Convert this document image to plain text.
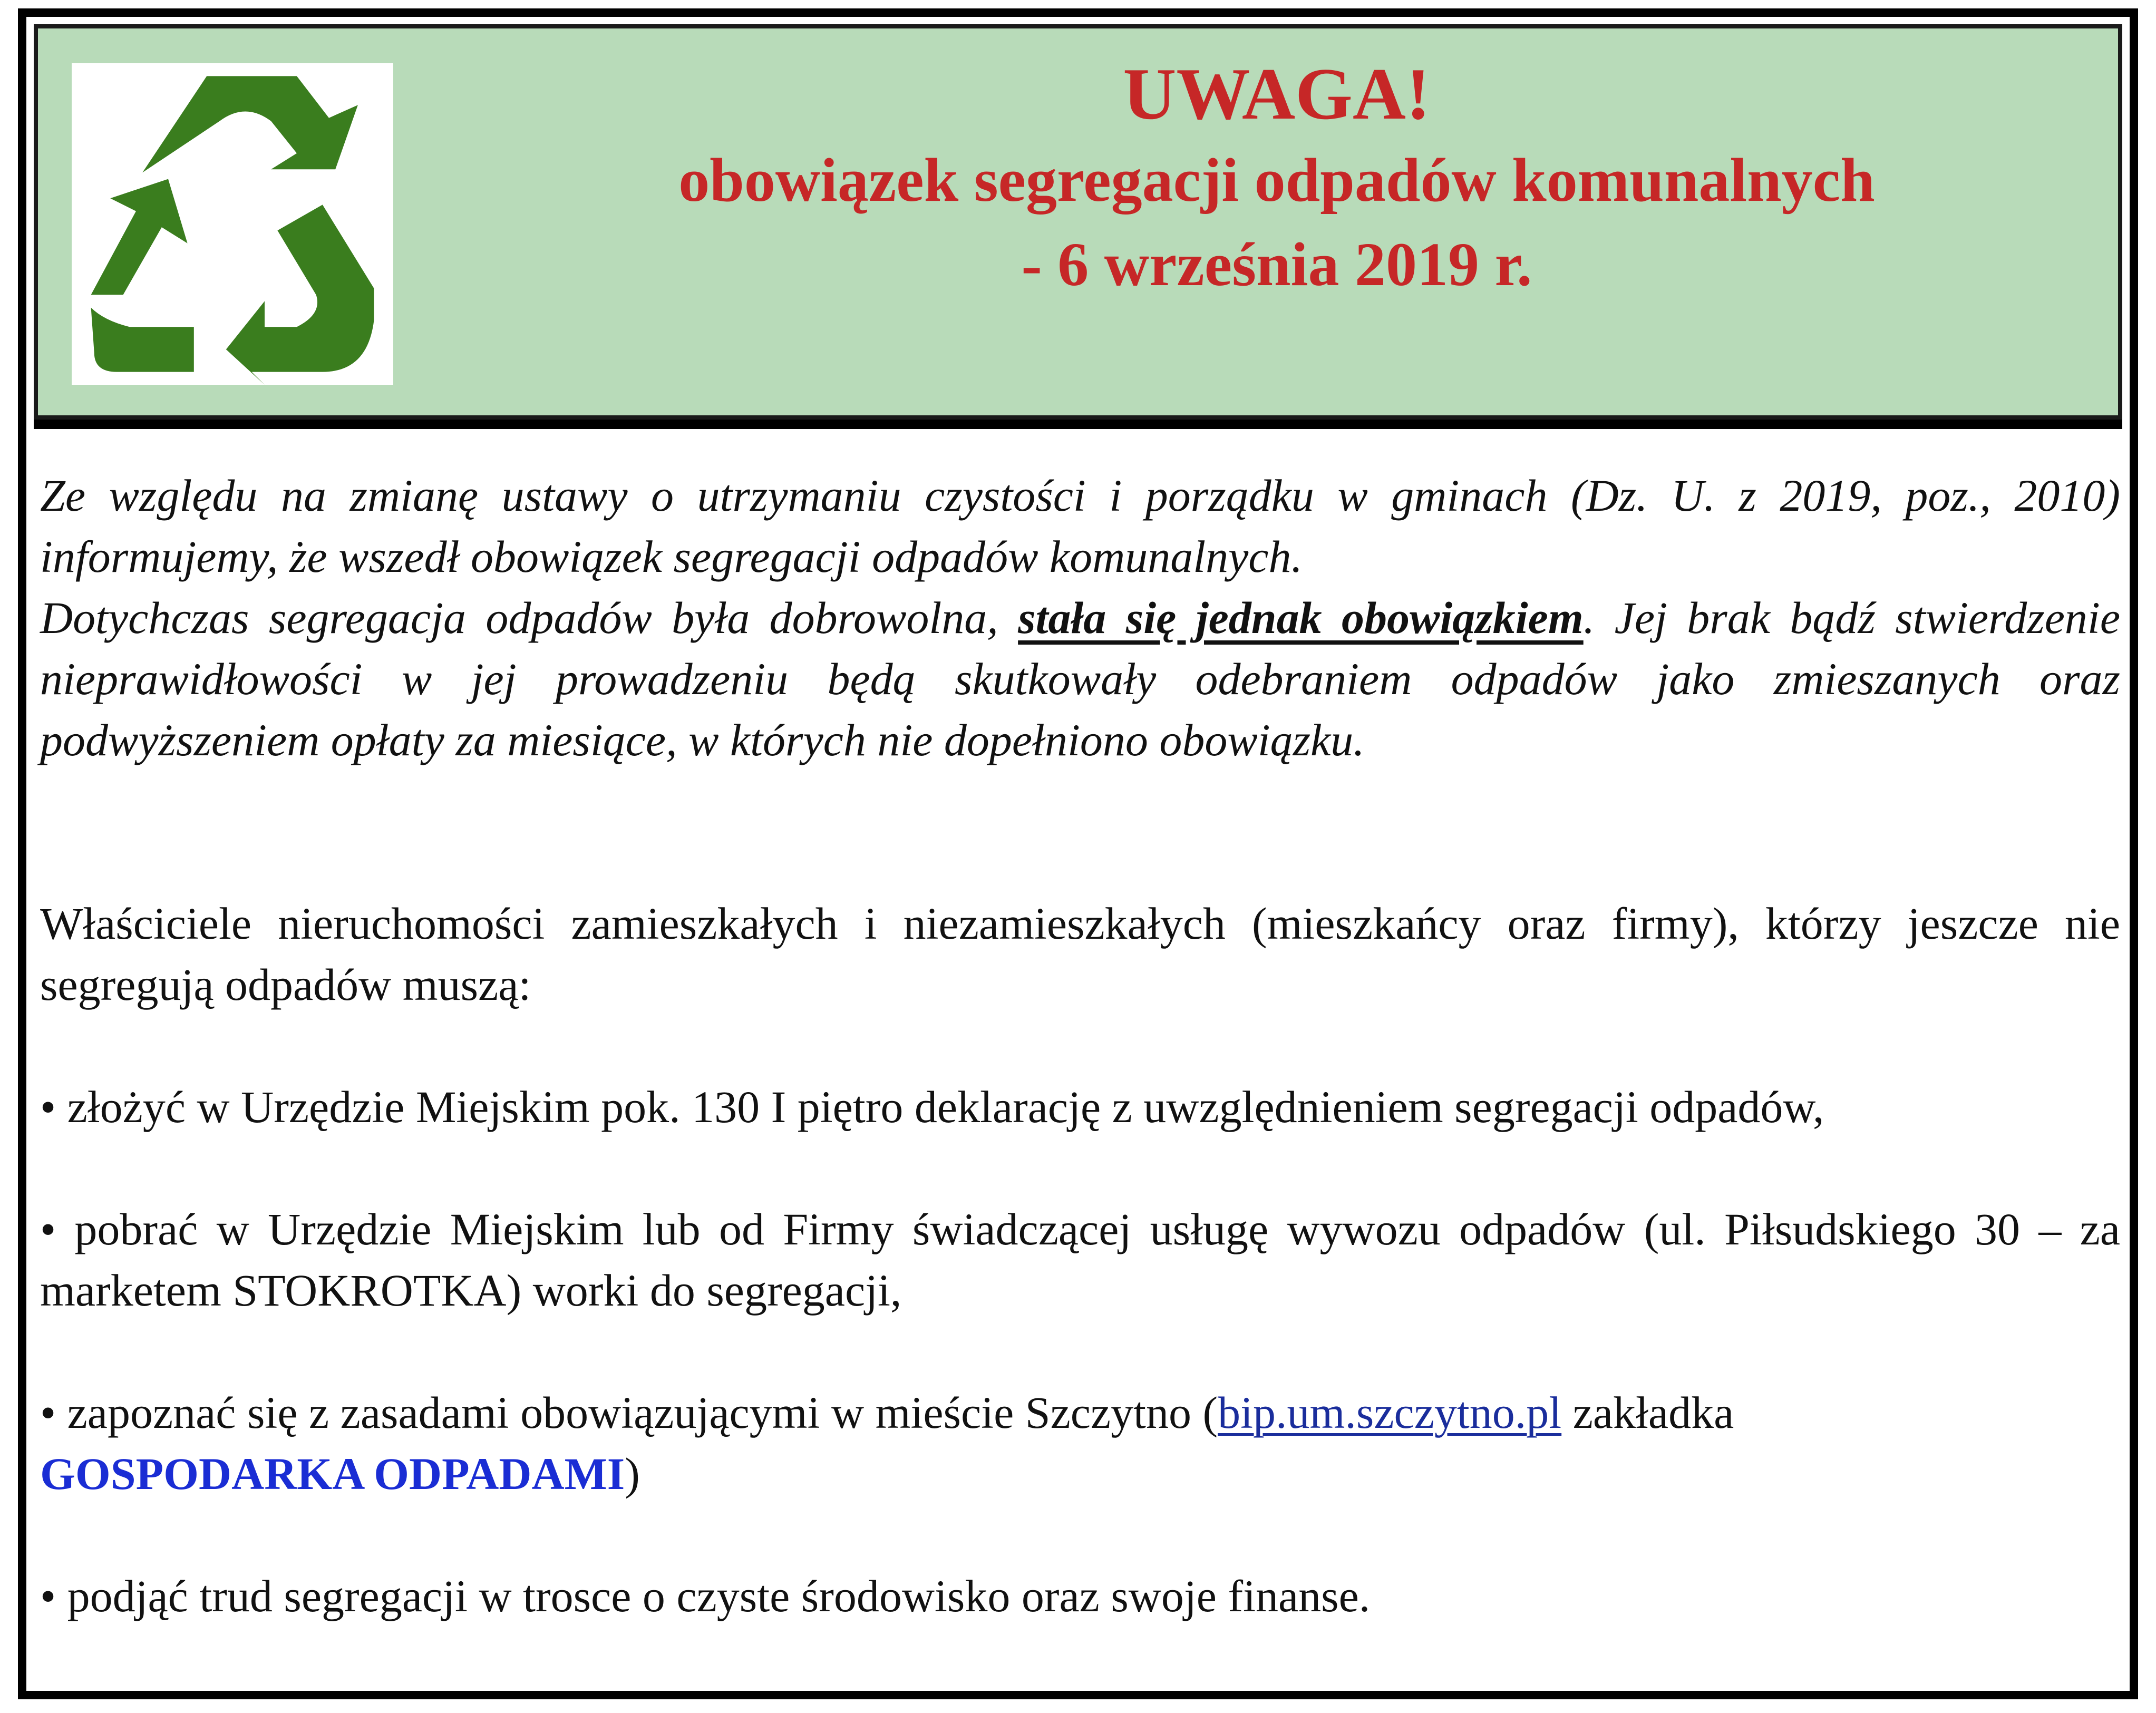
UWAGA!

obowiązek segregacji odpadów komunalnych

- 6 września 2019 r.

Ze względu na zmianę ustawy o utrzymaniu czystości i porządku w gminach (Dz. U. z 2019, poz., 2010) informujemy, że wszedł obowiązek segregacji odpadów komunalnych.
Dotychczas segregacja odpadów była dobrowolna, stała się jednak obowiązkiem. Jej brak bądź stwierdzenie nieprawidłowości w jej prowadzeniu będą skutkowały odebraniem odpadów jako zmieszanych oraz podwyższeniem opłaty za miesiące, w których nie dopełniono obowiązku.

Właściciele nieruchomości zamieszkałych i niezamieszkałych (mieszkańcy oraz firmy), którzy jeszcze nie segregują odpadów muszą:

• złożyć w Urzędzie Miejskim pok. 130 I piętro deklarację z uwzględnieniem segregacji odpadów,

• pobrać w Urzędzie Miejskim lub od Firmy świadczącej usługę wywozu odpadów (ul. Piłsudskiego 30 – za marketem STOKROTKA) worki do segregacji,

• zapoznać się z zasadami obowiązującymi w mieście Szczytno (bip.um.szczytno.pl zakładka
GOSPODARKA ODPADAMI)

• podjąć trud segregacji w trosce o czyste środowisko oraz swoje finanse.
